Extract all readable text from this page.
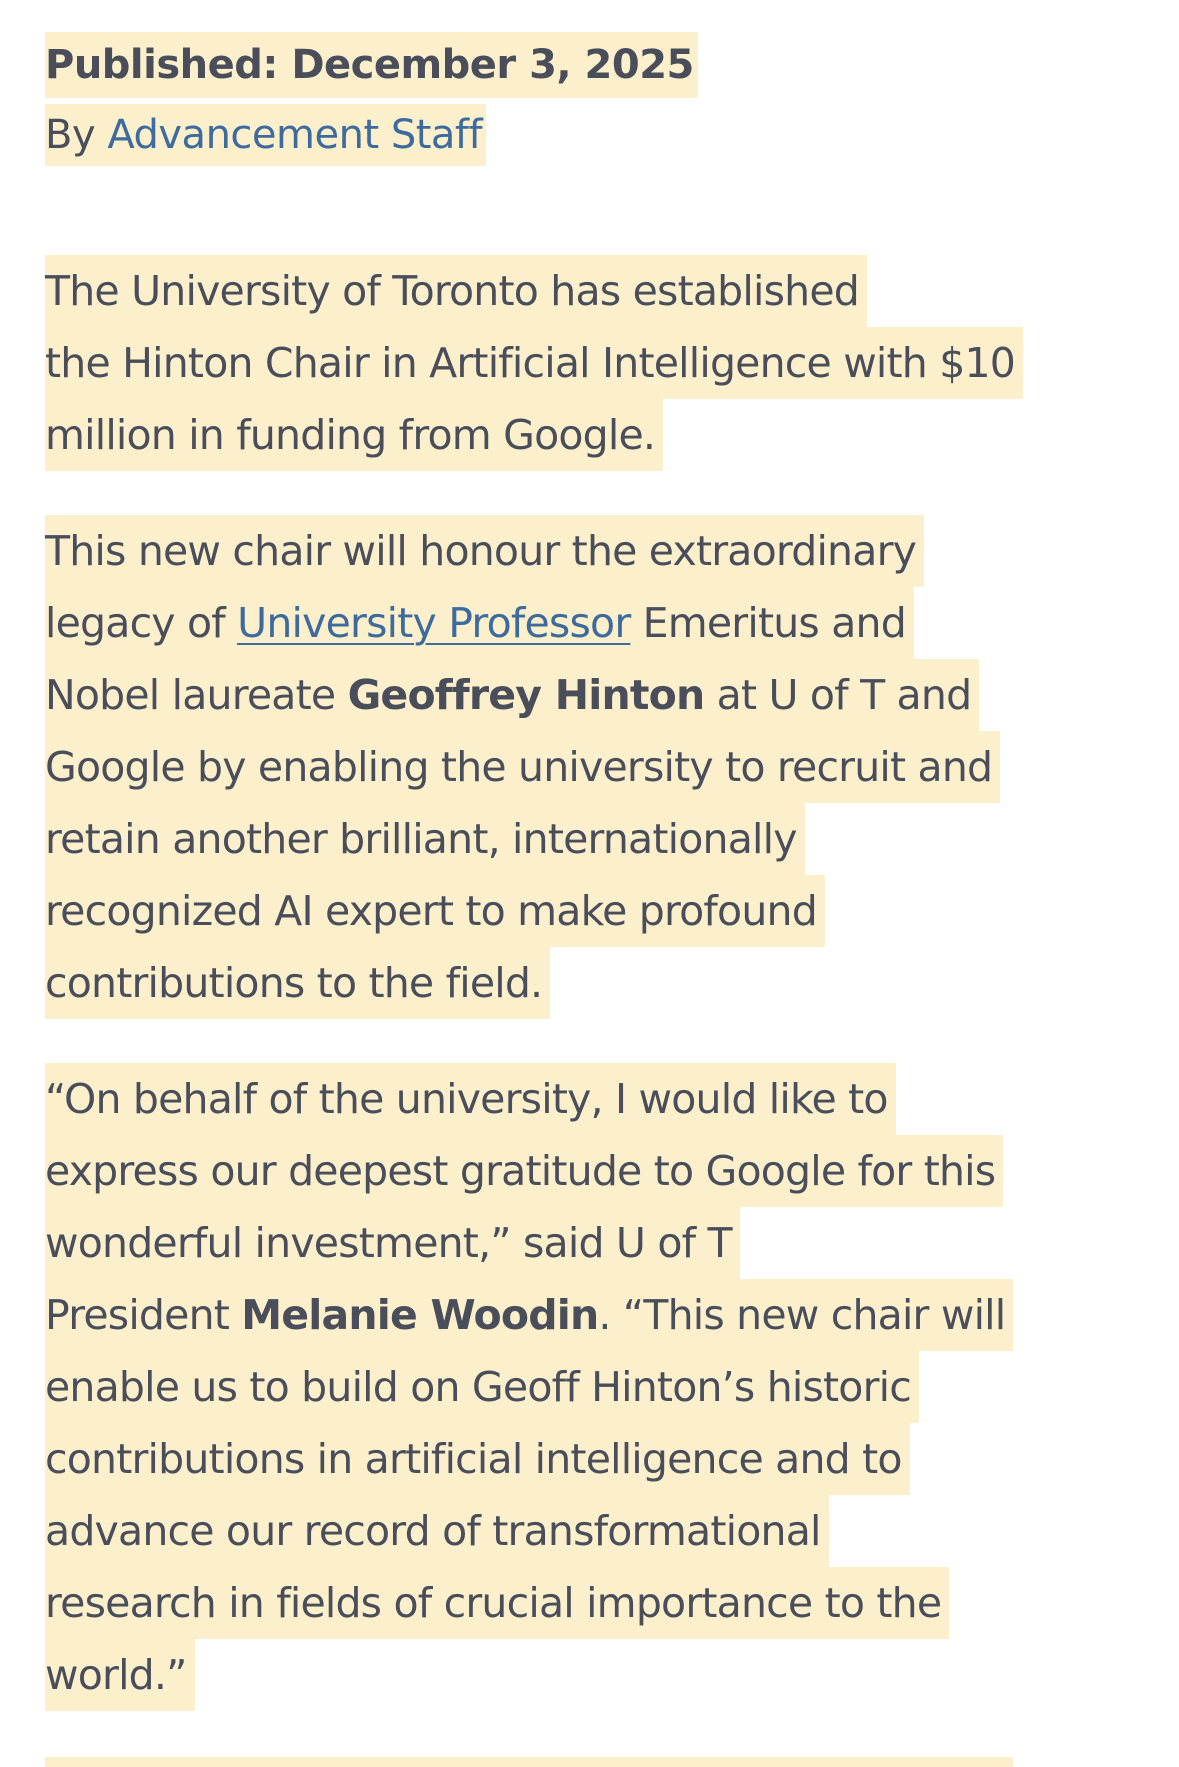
Published: December 3, 2025
By Advancement Staff
The University of Toronto has established
the Hinton Chair in Artificial Intelligence with $10
million in funding from Google.
This new chair will honour the extraordinary
legacy of University Professor Emeritus and
Nobel laureate Geoffrey Hinton at U of T and
Google by enabling the university to recruit and
retain another brilliant, internationally
recognized AI expert to make profound
contributions to the field.
“On behalf of the university, I would like to
express our deepest gratitude to Google for this
wonderful investment,” said U of T
President Melanie Woodin. “This new chair will
enable us to build on Geoff Hinton’s historic
contributions in artificial intelligence and to
advance our record of transformational
research in fields of crucial importance to the
world.”
